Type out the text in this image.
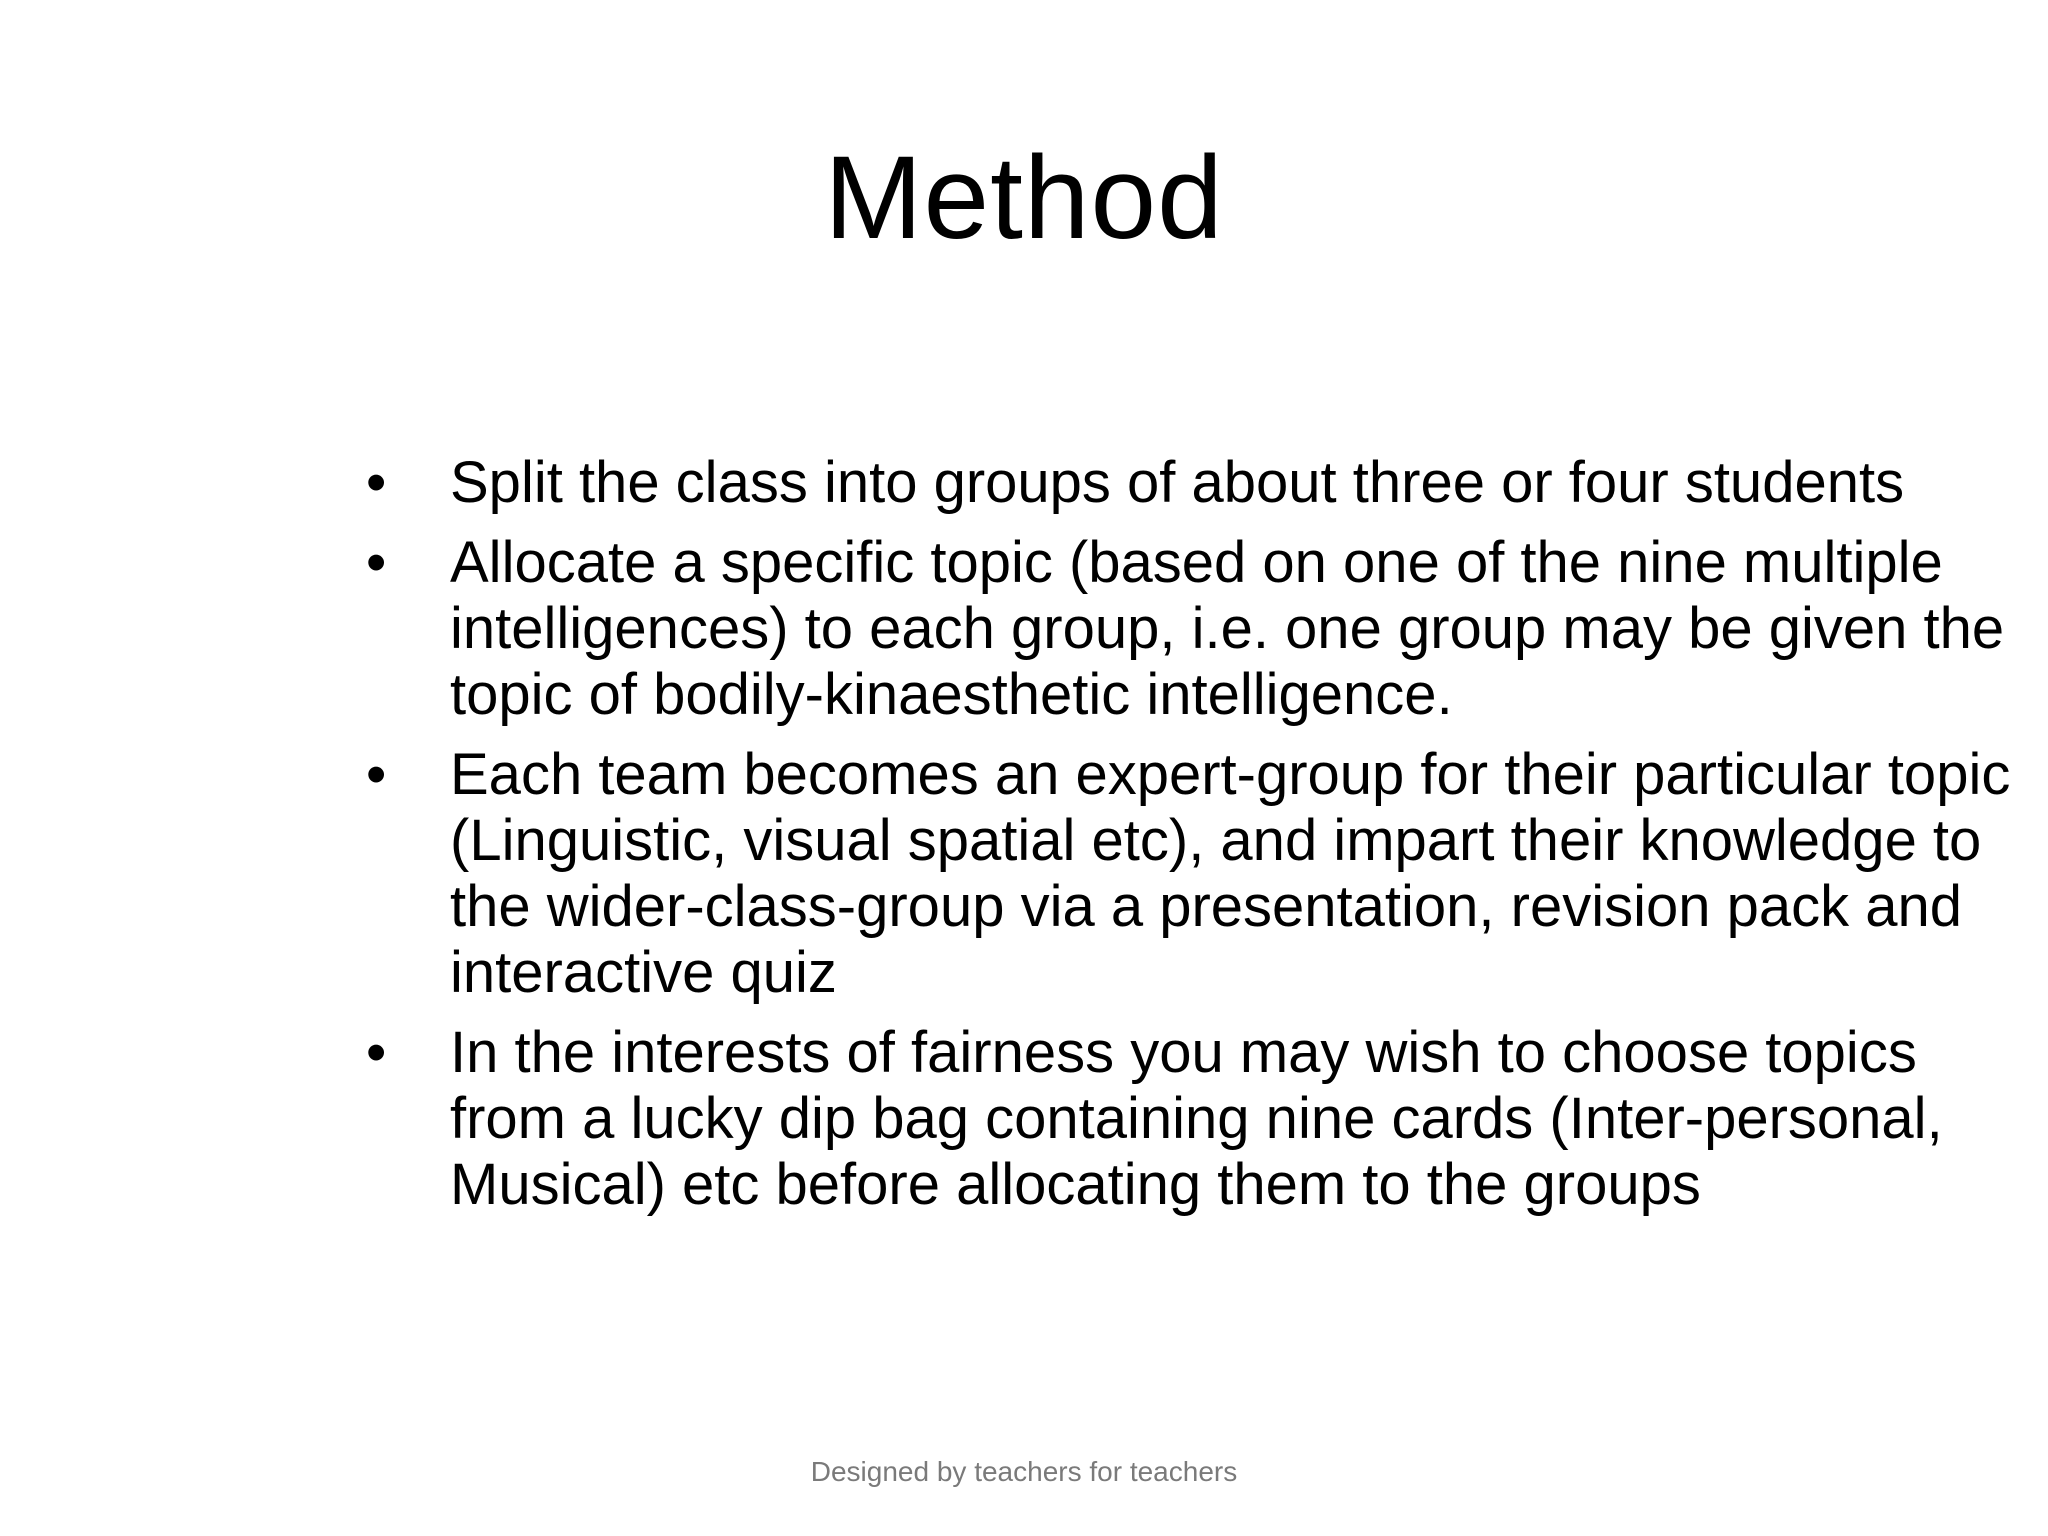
Method
•	Split the class into groups of about three or four students
•	Allocate a specific topic (based on one of the nine multiple intelligences) to each group, i.e. one group may be given the topic of bodily-kinaesthetic intelligence.
•	Each team becomes an expert-group for their particular topic (Linguistic, visual spatial etc), and impart their knowledge to the wider-class-group via a presentation, revision pack and interactive quiz
•	In the interests of fairness you may wish to choose topics from a lucky dip bag containing nine cards (Inter-personal, Musical) etc before allocating them to the groups
Designed by teachers for teachers
